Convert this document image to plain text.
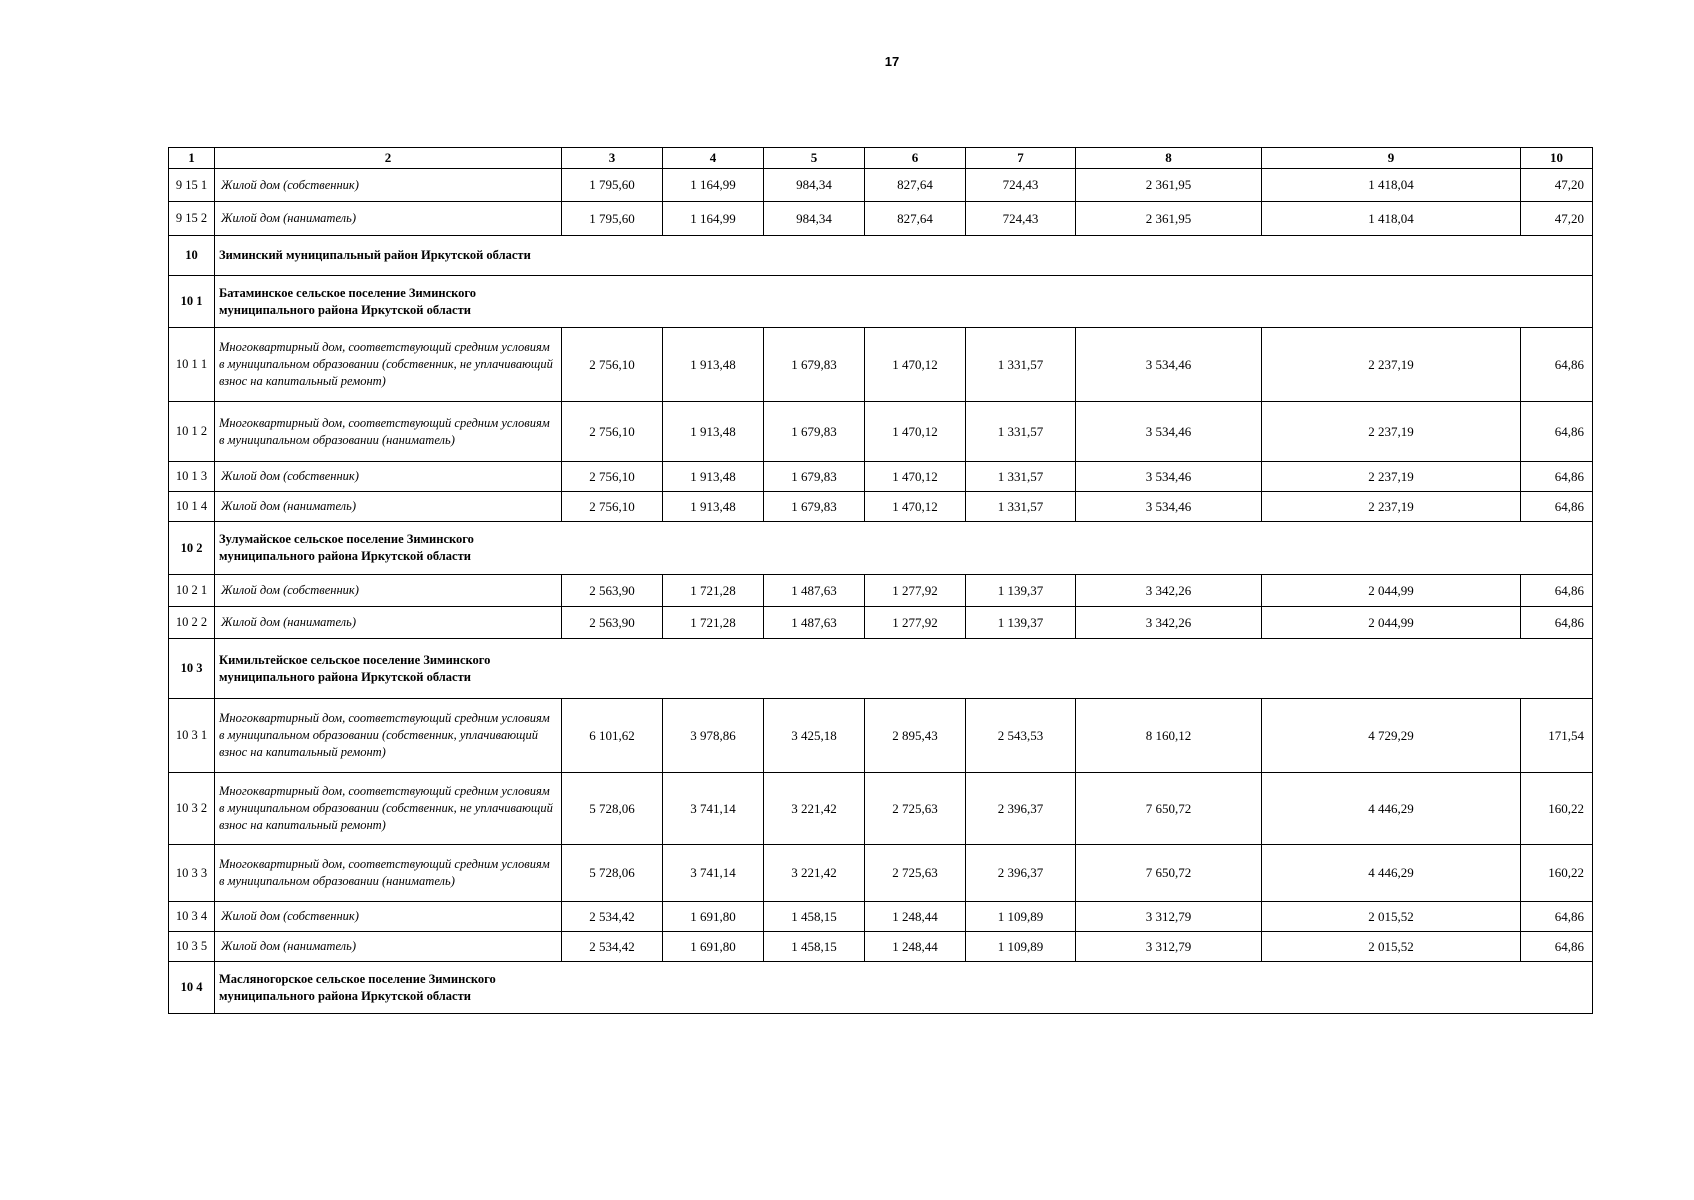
17
1	2	3	4	5	6	7	8	9	10
9 15 1	Жилой дом (собственник)	1 795,60	1 164,99	984,34	827,64	724,43	2 361,95	1 418,04	47,20
9 15 2	Жилой дом (наниматель)	1 795,60	1 164,99	984,34	827,64	724,43	2 361,95	1 418,04	47,20
10	Зиминский муниципальный район Иркутской области								
10 1	Батаминское сельское поселение Зиминского муниципального района Иркутской области								

10 1 1	Многоквартирный дом, соответствующий средним условиям в муниципальном образовании (собственник, не уплачивающий взнос на капитальный ремонт)	2 756,10	1 913,48	1 679,83	1 470,12	1 331,57	3 534,46	2 237,19	64,86
10 1 2	Многоквартирный дом, соответствующий средним условиям в муниципальном образовании (наниматель)	2 756,10	1 913,48	1 679,83	1 470,12	1 331,57	3 534,46	2 237,19	64,86
10 1 3	Жилой дом (собственник)	2 756,10	1 913,48	1 679,83	1 470,12	1 331,57	3 534,46	2 237,19	64,86
10 1 4	Жилой дом (наниматель)	2 756,10	1 913,48	1 679,83	1 470,12	1 331,57	3 534,46	2 237,19	64,86
10 2	Зулумайское сельское поселение Зиминского муниципального района Иркутской области								

10 2 1	Жилой дом (собственник)	2 563,90	1 721,28	1 487,63	1 277,92	1 139,37	3 342,26	2 044,99	64,86
10 2 2	Жилой дом (наниматель)	2 563,90	1 721,28	1 487,63	1 277,92	1 139,37	3 342,26	2 044,99	64,86
10 3	Кимильтейское сельское поселение Зиминского муниципального района Иркутской области								

10 3 1	Многоквартирный дом, соответствующий средним условиям в муниципальном образовании (собственник, уплачивающий взнос на капитальный ремонт)	6 101,62	3 978,86	3 425,18	2 895,43	2 543,53	8 160,12	4 729,29	171,54
10 3 2	Многоквартирный дом, соответствующий средним условиям в муниципальном образовании (собственник, не уплачивающий взнос на капитальный ремонт)	5 728,06	3 741,14	3 221,42	2 725,63	2 396,37	7 650,72	4 446,29	160,22
10 3 3	Многоквартирный дом, соответствующий средним условиям в муниципальном образовании (наниматель)	5 728,06	3 741,14	3 221,42	2 725,63	2 396,37	7 650,72	4 446,29	160,22
10 3 4	Жилой дом (собственник)	2 534,42	1 691,80	1 458,15	1 248,44	1 109,89	3 312,79	2 015,52	64,86
10 3 5	Жилой дом (наниматель)	2 534,42	1 691,80	1 458,15	1 248,44	1 109,89	3 312,79	2 015,52	64,86
10 4	Масляногорское сельское поселение Зиминского муниципального района Иркутской области								
